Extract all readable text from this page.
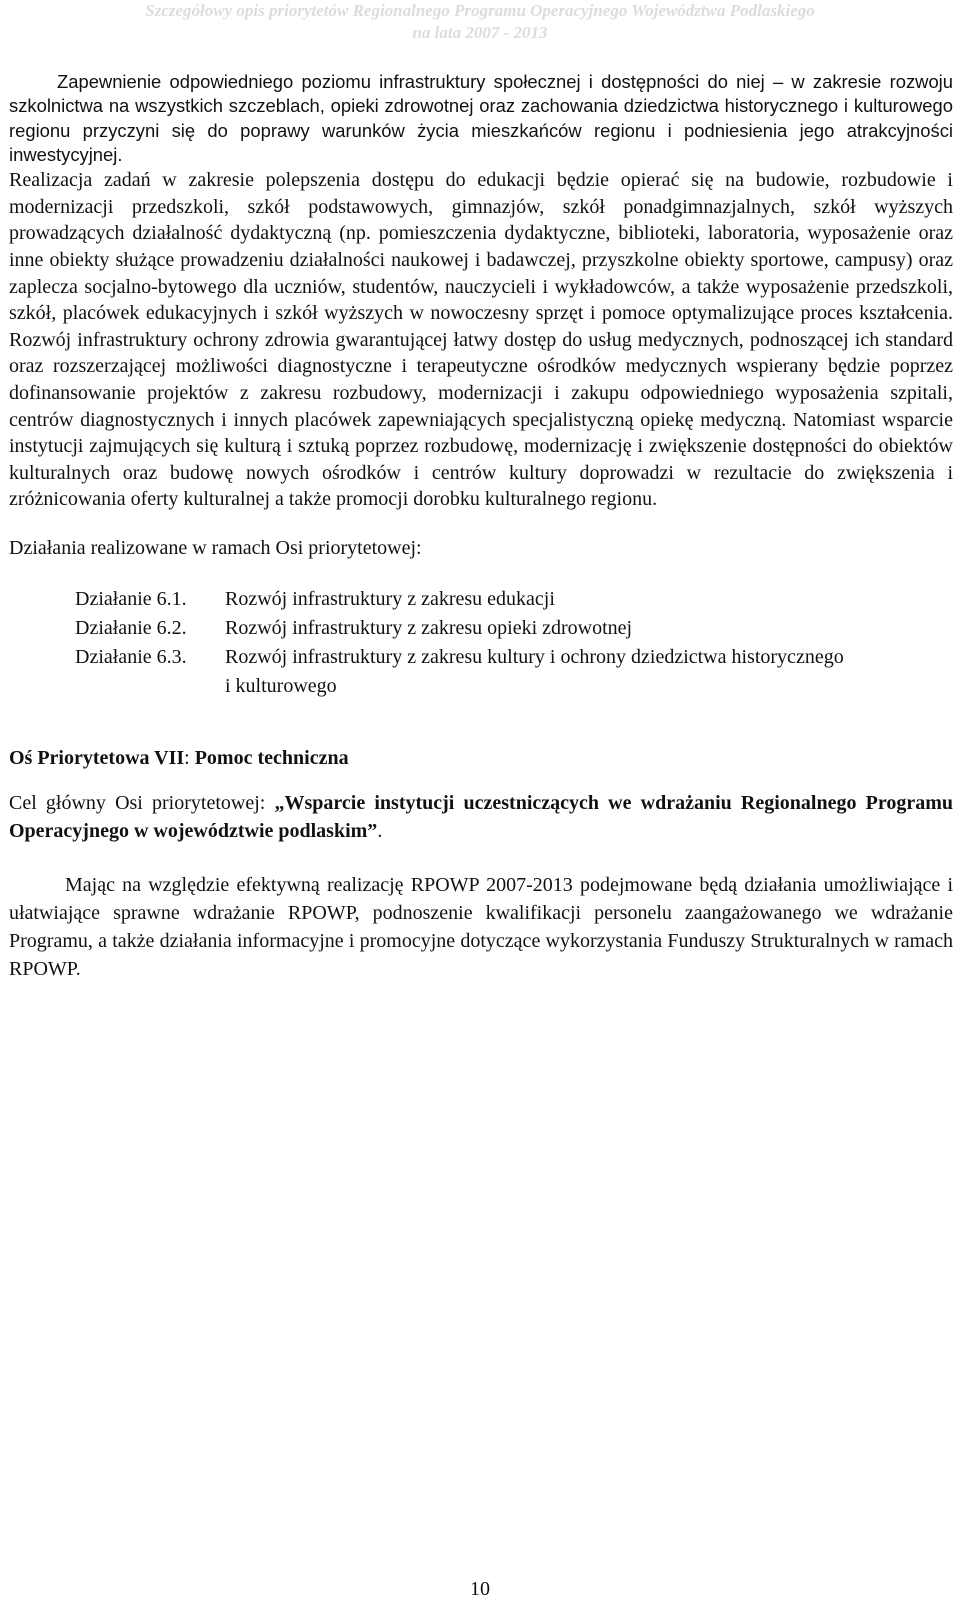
Szczegółowy opis priorytetów Regionalnego Programu Operacyjnego Województwa Podlaskiego
na lata 2007 - 2013

Zapewnienie odpowiedniego poziomu infrastruktury społecznej i dostępności do niej – w zakresie rozwoju szkolnictwa na wszystkich szczeblach, opieki zdrowotnej oraz zachowania dziedzictwa historycznego i kulturowego regionu przyczyni się do poprawy warunków życia mieszkańców regionu i podniesienia jego atrakcyjności inwestycyjnej.

Realizacja zadań w zakresie polepszenia dostępu do edukacji będzie opierać się na budowie, rozbudowie i modernizacji przedszkoli, szkół podstawowych, gimnazjów, szkół ponadgimnazjalnych, szkół wyższych prowadzących działalność dydaktyczną (np. pomieszczenia dydaktyczne, biblioteki, laboratoria, wyposażenie oraz inne obiekty służące prowadzeniu działalności naukowej i badawczej, przyszkolne obiekty sportowe, campusy) oraz zaplecza socjalno-bytowego dla uczniów, studentów, nauczycieli i wykładowców, a także wyposażenie przedszkoli, szkół, placówek edukacyjnych i szkół wyższych w nowoczesny sprzęt i pomoce optymalizujące proces kształcenia. Rozwój infrastruktury ochrony zdrowia gwarantującej łatwy dostęp do usług medycznych, podnoszącej ich standard oraz rozszerzającej możliwości diagnostyczne i terapeutyczne ośrodków medycznych wspierany będzie poprzez dofinansowanie projektów z zakresu rozbudowy, modernizacji i zakupu odpowiedniego wyposażenia szpitali, centrów diagnostycznych i innych placówek zapewniających specjalistyczną opiekę medyczną. Natomiast wsparcie instytucji zajmujących się kulturą i sztuką poprzez rozbudowę, modernizację i zwiększenie dostępności do obiektów kulturalnych oraz budowę nowych ośrodków i centrów kultury doprowadzi w rezultacie do zwiększenia i zróżnicowania oferty kulturalnej a także promocji dorobku kulturalnego regionu.

Działania realizowane w ramach Osi priorytetowej:

Działanie 6.1.	Rozwój infrastruktury z zakresu edukacji
Działanie 6.2.	Rozwój infrastruktury z zakresu opieki zdrowotnej
Działanie 6.3.	Rozwój infrastruktury z zakresu kultury i ochrony dziedzictwa historycznego i kulturowego

Oś Priorytetowa VII: Pomoc techniczna

Cel główny Osi priorytetowej: „Wsparcie instytucji uczestniczących we wdrażaniu Regionalnego Programu Operacyjnego w województwie podlaskim”.

Mając na względzie efektywną realizację RPOWP 2007-2013 podejmowane będą działania umożliwiające i ułatwiające sprawne wdrażanie RPOWP, podnoszenie kwalifikacji personelu zaangażowanego we wdrażanie Programu, a także działania informacyjne i promocyjne dotyczące wykorzystania Funduszy Strukturalnych w ramach RPOWP.

10
